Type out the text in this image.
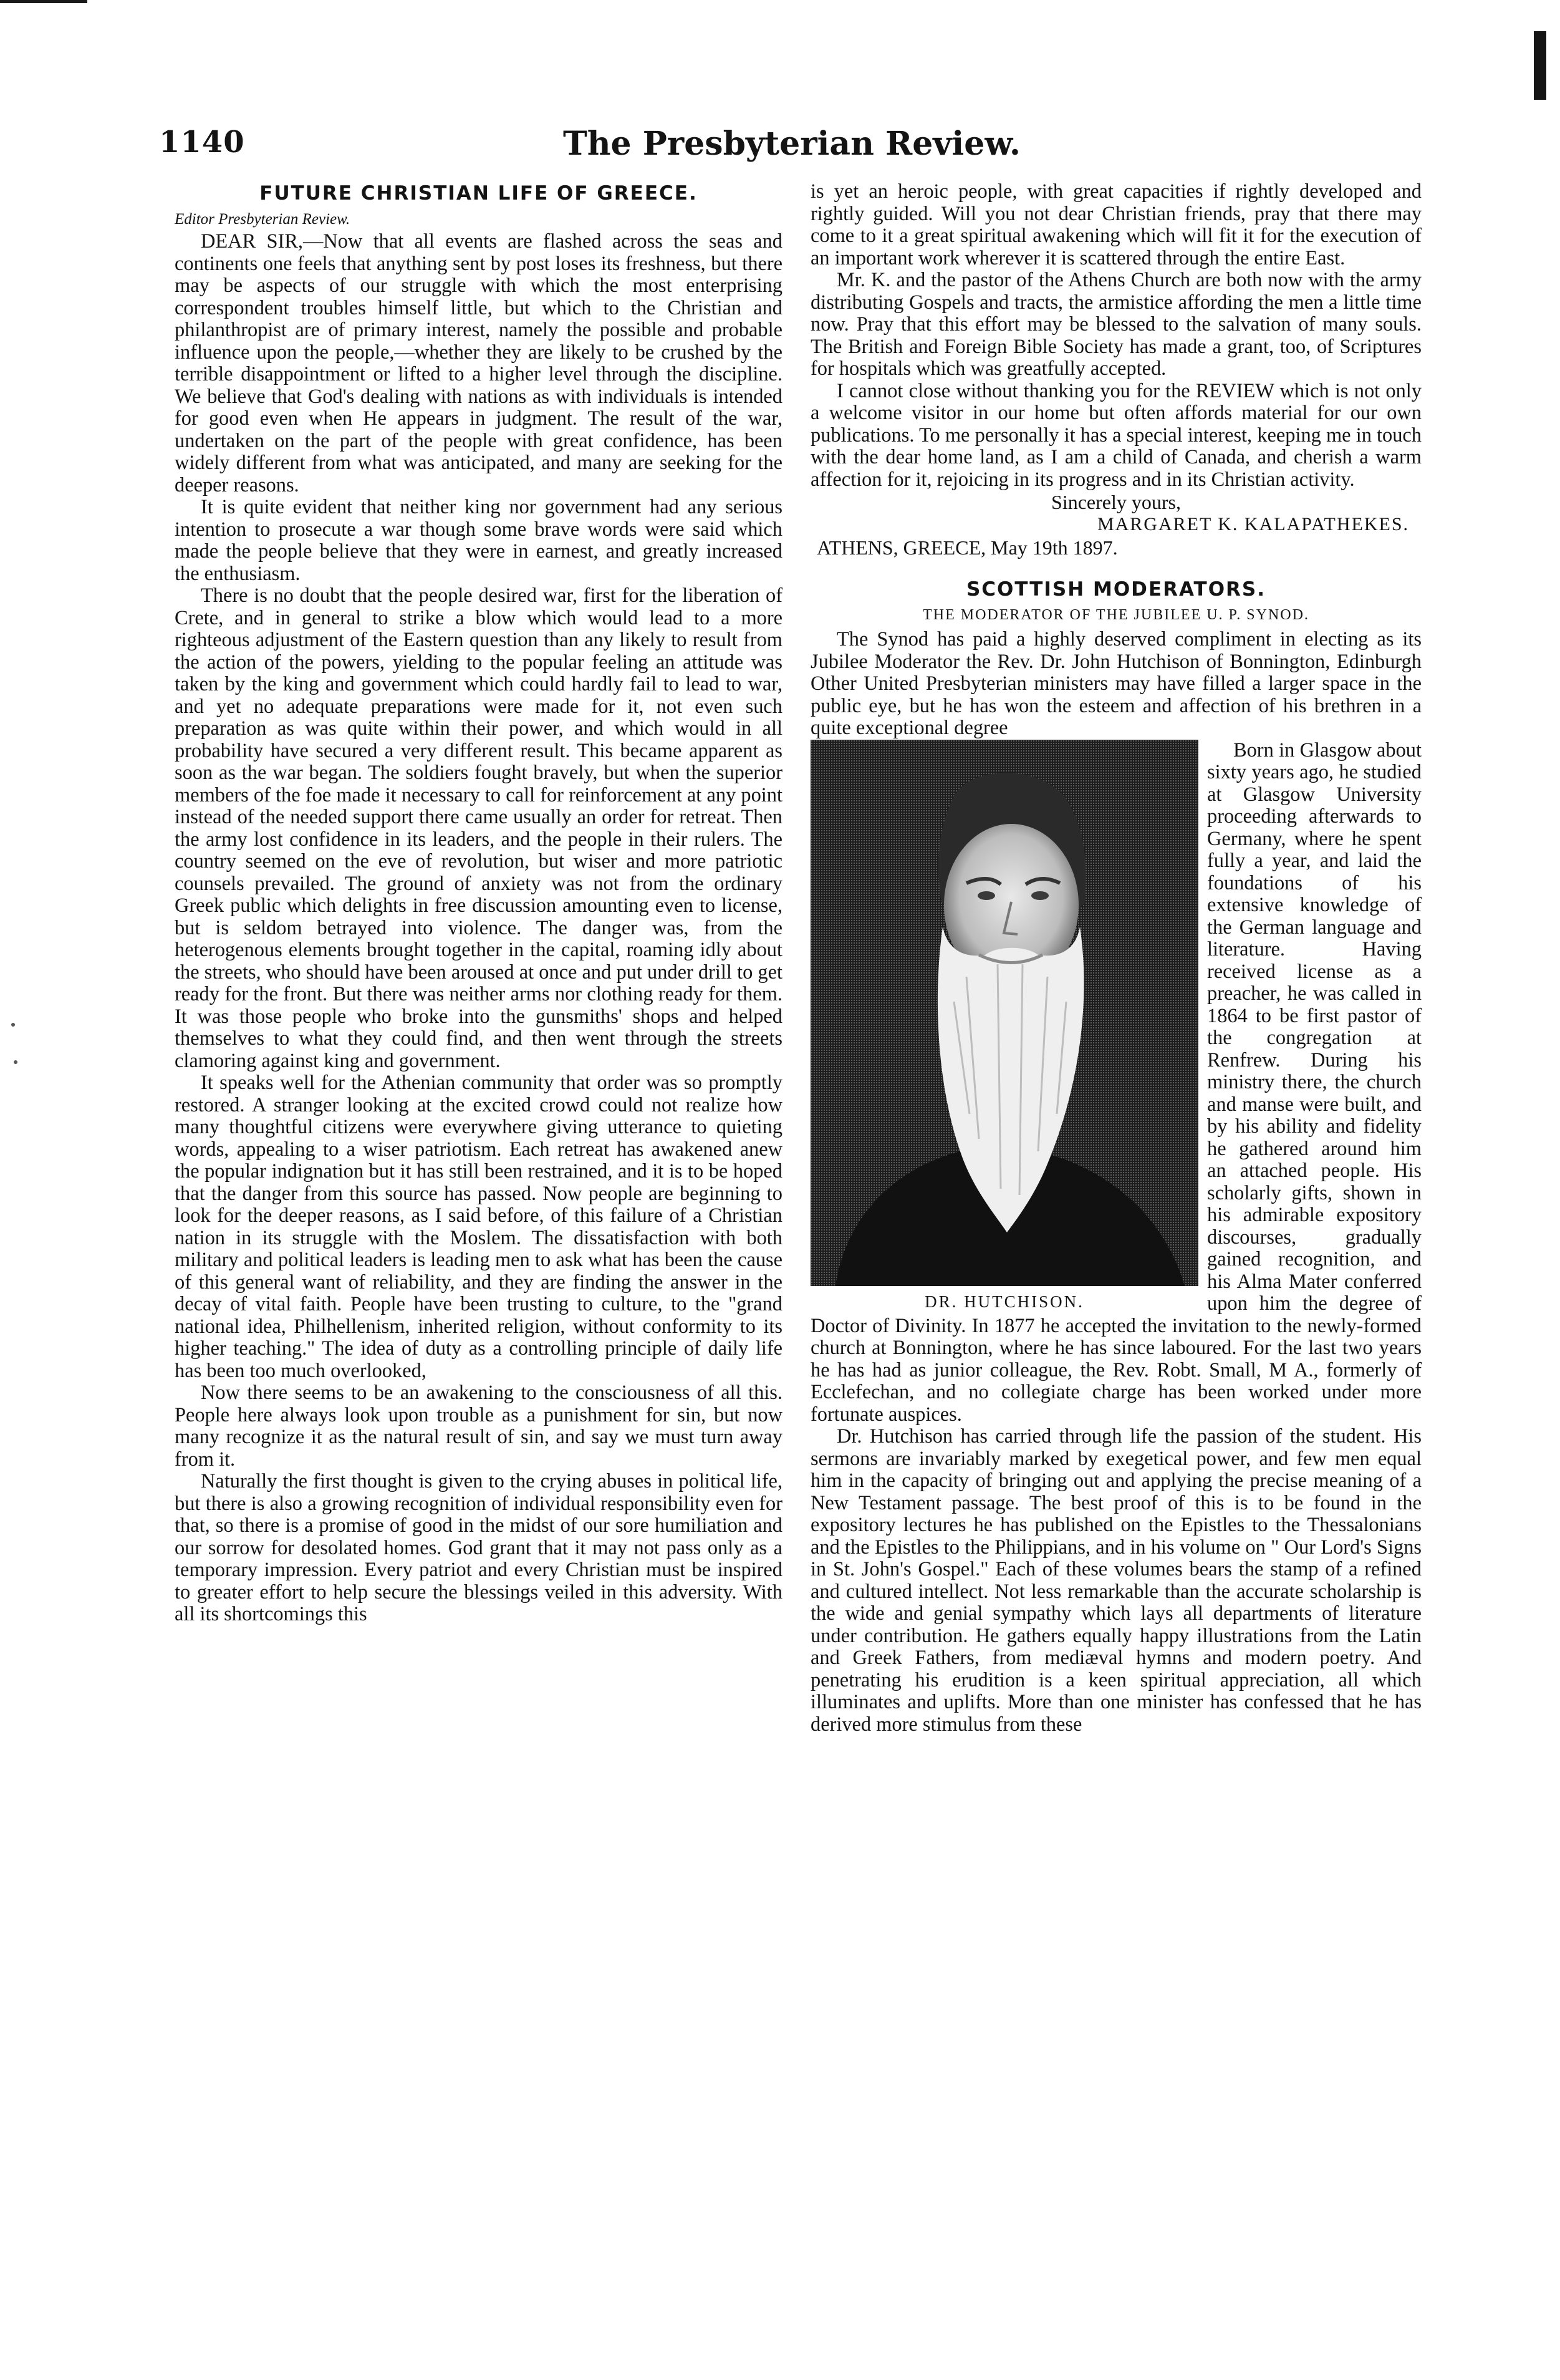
1140	The Presbyterian Review.
FUTURE CHRISTIAN LIFE OF GREECE.
Editor Presbyterian Review.

DEAR SIR,—Now that all events are flashed across the seas and continents one feels that anything sent by post loses its freshness, but there may be aspects of our struggle with which the most enterprising correspondent troubles himself little, but which to the Christian and philanthropist are of primary interest, namely the possible and probable influence upon the people,—whether they are likely to be crushed by the terrible disappointment or lifted to a higher level through the discipline. We believe that God's dealing with nations as with individuals is intended for good even when He appears in judgment. The result of the war, undertaken on the part of the people with great confidence, has been widely different from what was anticipated, and many are seeking for the deeper reasons.

It is quite evident that neither king nor government had any serious intention to prosecute a war though some brave words were said which made the people believe that they were in earnest, and greatly increased the enthusiasm.

There is no doubt that the people desired war, first for the liberation of Crete, and in general to strike a blow which would lead to a more righteous adjustment of the Eastern question than any likely to result from the action of the powers, yielding to the popular feeling an attitude was taken by the king and government which could hardly fail to lead to war, and yet no adequate preparations were made for it, not even such preparation as was quite within their power, and which would in all probability have secured a very different result. This became apparent as soon as the war began. The soldiers fought bravely, but when the superior members of the foe made it necessary to call for reinforcement at any point instead of the needed support there came usually an order for retreat. Then the army lost confidence in its leaders, and the people in their rulers. The country seemed on the eve of revolution, but wiser and more patriotic counsels prevailed. The ground of anxiety was not from the ordinary Greek public which delights in free discussion amounting even to license, but is seldom betrayed into violence. The danger was, from the heterogenous elements brought together in the capital, roaming idly about the streets, who should have been aroused at once and put under drill to get ready for the front. But there was neither arms nor clothing ready for them. It was those people who broke into the gunsmiths' shops and helped themselves to what they could find, and then went through the streets clamoring against king and government.

It speaks well for the Athenian community that order was so promptly restored. A stranger looking at the excited crowd could not realize how many thoughtful citizens were everywhere giving utterance to quieting words, appealing to a wiser patriotism. Each retreat has awakened anew the popular indignation but it has still been restrained, and it is to be hoped that the danger from this source has passed. Now people are beginning to look for the deeper reasons, as I said before, of this failure of a Christian nation in its struggle with the Moslem. The dissatisfaction with both military and political leaders is leading men to ask what has been the cause of this general want of reliability, and they are finding the answer in the decay of vital faith. People have been trusting to culture, to the "grand national idea, Philhellenism, inherited religion, without conformity to its higher teaching." The idea of duty as a controlling principle of daily life has been too much overlooked,

Now there seems to be an awakening to the consciousness of all this. People here always look upon trouble as a punishment for sin, but now many recognize it as the natural result of sin, and say we must turn away from it.

Naturally the first thought is given to the crying abuses in political life, but there is also a growing recognition of individual responsibility even for that, so there is a promise of good in the midst of our sore humiliation and our sorrow for desolated homes. God grant that it may not pass only as a temporary impression. Every patriot and every Christian must be inspired to greater effort to help secure the blessings veiled in this adversity. With all its shortcomings this

is yet an heroic people, with great capacities if rightly developed and rightly guided. Will you not dear Christian friends, pray that there may come to it a great spiritual awakening which will fit it for the execution of an important work wherever it is scattered through the entire East.

Mr. K. and the pastor of the Athens Church are both now with the army distributing Gospels and tracts, the armistice affording the men a little time now. Pray that this effort may be blessed to the salvation of many souls. The British and Foreign Bible Society has made a grant, too, of Scriptures for hospitals which was greatfully accepted.

I cannot close without thanking you for the REVIEW which is not only a welcome visitor in our home but often affords material for our own publications. To me personally it has a special interest, keeping me in touch with the dear home land, as I am a child of Canada, and cherish a warm affection for it, rejoicing in its progress and in its Christian activity.

Sincerely yours,

MARGARET K. KALAPATHEKES.

ATHENS, GREECE, May 19th 1897.

SCOTTISH MODERATORS.
THE MODERATOR OF THE JUBILEE U. P. SYNOD.

The Synod has paid a highly deserved compliment in electing as its Jubilee Moderator the Rev. Dr. John Hutchison of Bonnington, Edinburgh Other United Presbyterian ministers may have filled a larger space in the public eye, but he has won the esteem and affection of his brethren in a quite exceptional degree

DR. HUTCHISON.

Born in Glasgow about sixty years ago, he studied at Glasgow University proceeding afterwards to Germany, where he spent fully a year, and laid the foundations of his extensive knowledge of the German language and literature. Having received license as a preacher, he was called in 1864 to be first pastor of the congregation at Renfrew. During his ministry there, the church and manse were built, and by his ability and fidelity he gathered around him an attached people. His scholarly gifts, shown in his admirable expository discourses, gradually gained recognition, and his Alma Mater conferred upon him the degree of Doctor of Divinity. In 1877 he accepted the invitation to the newly-formed church at Bonnington, where he has since laboured. For the last two years he has had as junior colleague, the Rev. Robt. Small, M A., formerly of Ecclefechan, and no collegiate charge has been worked under more fortunate auspices.

Dr. Hutchison has carried through life the passion of the student. His sermons are invariably marked by exegetical power, and few men equal him in the capacity of bringing out and applying the precise meaning of a New Testament passage. The best proof of this is to be found in the expository lectures he has published on the Epistles to the Thessalonians and the Epistles to the Philippians, and in his volume on " Our Lord's Signs in St. John's Gospel." Each of these volumes bears the stamp of a refined and cultured intellect. Not less remarkable than the accurate scholarship is the wide and genial sympathy which lays all departments of literature under contribution. He gathers equally happy illustrations from the Latin and Greek Fathers, from mediæval hymns and modern poetry. And penetrating his erudition is a keen spiritual appreciation, all which illuminates and uplifts. More than one minister has confessed that he has derived more stimulus from these
